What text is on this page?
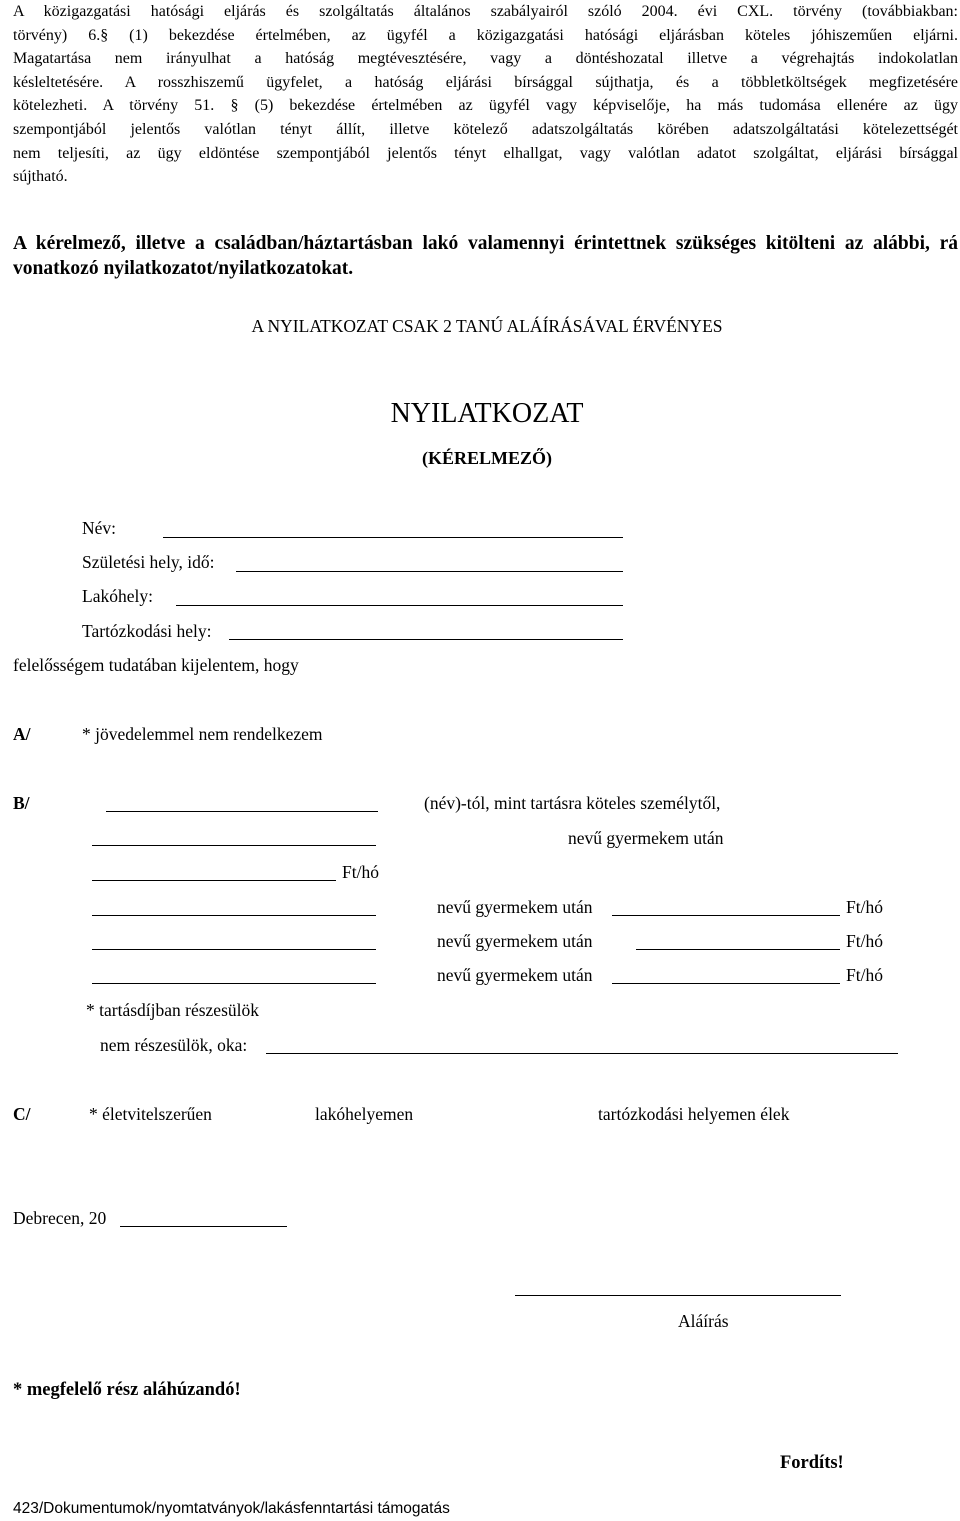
A közigazgatási hatósági eljárás és szolgáltatás általános szabályairól szóló 2004. évi CXL. törvény (továbbiakban:
törvény) 6.§ (1) bekezdése értelmében, az ügyfél a közigazgatási hatósági eljárásban köteles jóhiszeműen eljárni.
Magatartása nem irányulhat a hatóság megtévesztésére, vagy a döntéshozatal illetve a végrehajtás indokolatlan
késleltetésére. A rosszhiszemű ügyfelet, a hatóság eljárási bírsággal sújthatja, és a többletköltségek megfizetésére
kötelezheti. A törvény 51. § (5) bekezdése értelmében az ügyfél vagy képviselője, ha más tudomása ellenére az ügy
szempontjából jelentős valótlan tényt állít, illetve kötelező adatszolgáltatás körében adatszolgáltatási kötelezettségét
nem teljesíti, az ügy eldöntése szempontjából jelentős tényt elhallgat, vagy valótlan adatot szolgáltat, eljárási bírsággal
sújtható.
A kérelmező, illetve a családban/háztartásban lakó valamennyi érintettnek szükséges kitölteni az alábbi, rá vonatkozó nyilatkozatot/nyilatkozatokat.
A NYILATKOZAT CSAK 2 TANÚ ALÁÍRÁSÁVAL ÉRVÉNYES
NYILATKOZAT
(KÉRELMEZŐ)
Név:
Születési hely, idő:
Lakóhely:
Tartózkodási hely:
felelősségem tudatában kijelentem, hogy
A/	* jövedelemmel nem rendelkezem
B/	(név)-tól, mint tartásra köteles személytől,
nevű gyermekem után
Ft/hó
nevű gyermekem után	Ft/hó
nevű gyermekem után	Ft/hó
nevű gyermekem után	Ft/hó
* tartásdíjban részesülök
nem részesülök, oka:
C/	* életvitelszerűen	lakóhelyemen	tartózkodási helyemen élek
Debrecen, 20
Aláírás
* megfelelő rész aláhúzandó!
Fordíts!
423/Dokumentumok/nyomtatványok/lakásfenntartási támogatás
